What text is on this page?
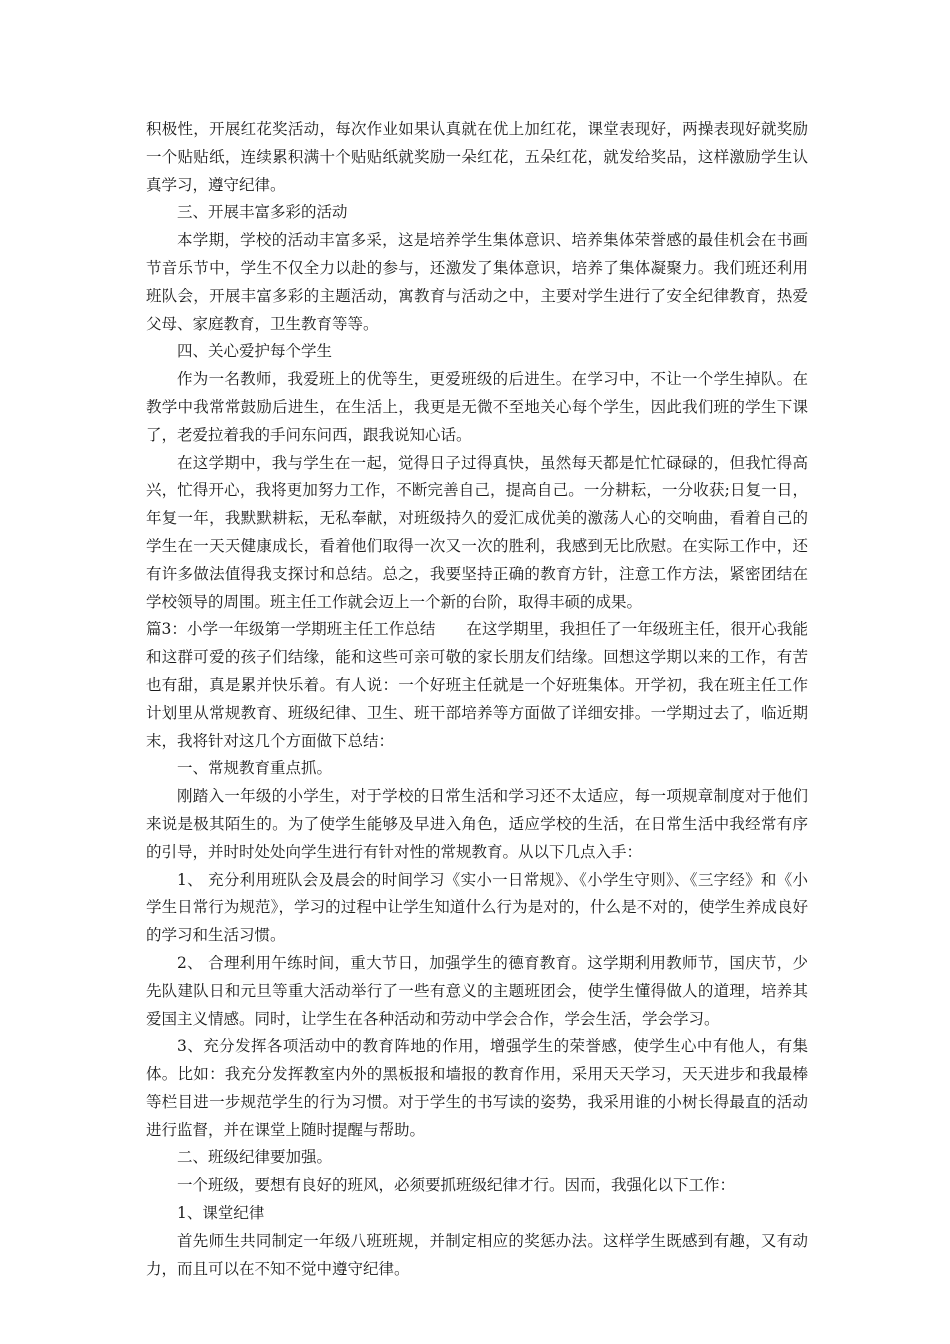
积极性，开展红花奖活动，每次作业如果认真就在优上加红花，课堂表现好，两操表现好就奖励一个贴贴纸，连续累积满十个贴贴纸就奖励一朵红花，五朵红花，就发给奖品，这样激励学生认真学习，遵守纪律。

三、开展丰富多彩的活动

本学期，学校的活动丰富多采，这是培养学生集体意识、培养集体荣誉感的最佳机会在书画节音乐节中，学生不仅全力以赴的参与，还激发了集体意识，培养了集体凝聚力。我们班还利用班队会，开展丰富多彩的主题活动，寓教育与活动之中，主要对学生进行了安全纪律教育，热爱父母、家庭教育，卫生教育等等。

四、关心爱护每个学生

作为一名教师，我爱班上的优等生，更爱班级的后进生。在学习中，不让一个学生掉队。在教学中我常常鼓励后进生，在生活上，我更是无微不至地关心每个学生，因此我们班的学生下课了，老爱拉着我的手问东问西，跟我说知心话。

在这学期中，我与学生在一起，觉得日子过得真快，虽然每天都是忙忙碌碌的，但我忙得高兴，忙得开心，我将更加努力工作，不断完善自己，提高自己。一分耕耘，一分收获;日复一日，年复一年，我默默耕耘，无私奉献，对班级持久的爱汇成优美的激荡人心的交响曲，看着自己的学生在一天天健康成长，看着他们取得一次又一次的胜利，我感到无比欣慰。在实际工作中，还有许多做法值得我支探讨和总结。总之，我要坚持正确的教育方针，注意工作方法，紧密团结在学校领导的周围。班主任工作就会迈上一个新的台阶，取得丰硕的成果。

篇3：小学一年级第一学期班主任工作总结　　在这学期里，我担任了一年级班主任，很开心我能和这群可爱的孩子们结缘，能和这些可亲可敬的家长朋友们结缘。回想这学期以来的工作，有苦也有甜，真是累并快乐着。有人说：一个好班主任就是一个好班集体。开学初，我在班主任工作计划里从常规教育、班级纪律、卫生、班干部培养等方面做了详细安排。一学期过去了，临近期末，我将针对这几个方面做下总结：

一、常规教育重点抓。

刚踏入一年级的小学生，对于学校的日常生活和学习还不太适应，每一项规章制度对于他们来说是极其陌生的。为了使学生能够及早进入角色，适应学校的生活，在日常生活中我经常有序的引导，并时时处处向学生进行有针对性的常规教育。从以下几点入手：

1、 充分利用班队会及晨会的时间学习《实小一日常规》、《小学生守则》、《三字经》和《小学生日常行为规范》，学习的过程中让学生知道什么行为是对的，什么是不对的，使学生养成良好的学习和生活习惯。

2、 合理利用午练时间，重大节日，加强学生的德育教育。这学期利用教师节，国庆节，少先队建队日和元旦等重大活动举行了一些有意义的主题班团会，使学生懂得做人的道理，培养其爱国主义情感。同时，让学生在各种活动和劳动中学会合作，学会生活，学会学习。

3、充分发挥各项活动中的教育阵地的作用，增强学生的荣誉感，使学生心中有他人，有集体。比如：我充分发挥教室内外的黑板报和墙报的教育作用，采用天天学习，天天进步和我最棒等栏目进一步规范学生的行为习惯。对于学生的书写读的姿势，我采用谁的小树长得最直的活动进行监督，并在课堂上随时提醒与帮助。

二、班级纪律要加强。

一个班级，要想有良好的班风，必须要抓班级纪律才行。因而，我强化以下工作：

1、课堂纪律

首先师生共同制定一年级八班班规，并制定相应的奖惩办法。这样学生既感到有趣，又有动力，而且可以在不知不觉中遵守纪律。
